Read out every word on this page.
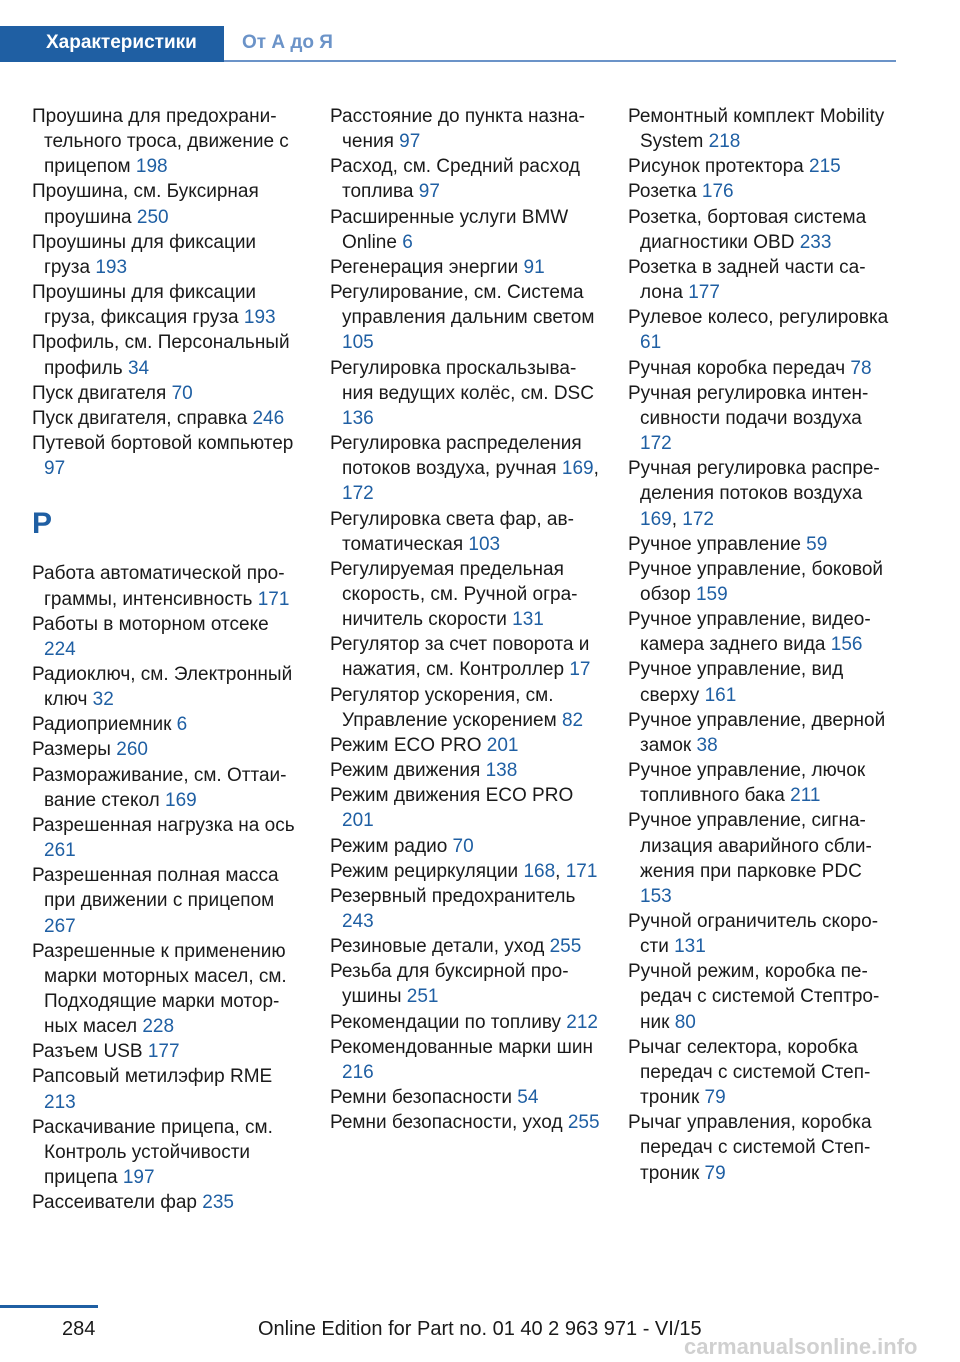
Характеристики От А до Я
Проушина для предохранительного троса, движение с прицепом 198
Проушина, см. Буксирная проушина 250
Проушины для фиксации груза 193
Проушины для фиксации груза, фиксация груза 193
Профиль, см. Персональный профиль 34
Пуск двигателя 70
Пуск двигателя, справка 246
Путевой бортовой компьютер 97
Р
Работа автоматической программы, интенсивность 171
Работы в моторном отсеке 224
Радиоключ, см. Электронный ключ 32
Радиоприемник 6
Размеры 260
Размораживание, см. Оттаивание стекол 169
Разрешенная нагрузка на ось 261
Разрешенная полная масса при движении с прицепом 267
Разрешенные к применению марки моторных масел, см. Подходящие марки моторных масел 228
Разъем USB 177
Рапсовый метилэфир RME 213
Раскачивание прицепа, см. Контроль устойчивости прицепа 197
Рассеиватели фар 235
Расстояние до пункта назначения 97
Расход, см. Средний расход топлива 97
Расширенные услуги BMW Online 6
Регенерация энергии 91
Регулирование, см. Система управления дальним светом 105
Регулировка проскальзывания ведущих колёс, см. DSC 136
Регулировка распределения потоков воздуха, ручная 169, 172
Регулировка света фар, автоматическая 103
Регулируемая предельная скорость, см. Ручной ограничитель скорости 131
Регулятор за счет поворота и нажатия, см. Контроллер 17
Регулятор ускорения, см. Управление ускорением 82
Режим ECO PRO 201
Режим движения 138
Режим движения ECO PRO 201
Режим радио 70
Режим рециркуляции 168, 171
Резервный предохранитель 243
Резиновые детали, уход 255
Резьба для буксирной проушины 251
Рекомендации по топливу 212
Рекомендованные марки шин 216
Ремни безопасности 54
Ремни безопасности, уход 255
Ремонтный комплект Mobility System 218
Рисунок протектора 215
Розетка 176
Розетка, бортовая система диагностики OBD 233
Розетка в задней части салона 177
Рулевое колесо, регулировка 61
Ручная коробка передач 78
Ручная регулировка интенсивности подачи воздуха 172
Ручная регулировка распределения потоков воздуха 169, 172
Ручное управление 59
Ручное управление, боковой обзор 159
Ручное управление, видеокамера заднего вида 156
Ручное управление, вид сверху 161
Ручное управление, дверной замок 38
Ручное управление, лючок топливного бака 211
Ручное управление, сигнализация аварийного сближения при парковке PDC 153
Ручной ограничитель скорости 131
Ручной режим, коробка передач с системой Стептроник 80
Рычаг селектора, коробка передач с системой Стептроник 79
Рычаг управления, коробка передач с системой Стептроник 79
284	Online Edition for Part no. 01 40 2 963 971 - VI/15
carmanualsonline.info
